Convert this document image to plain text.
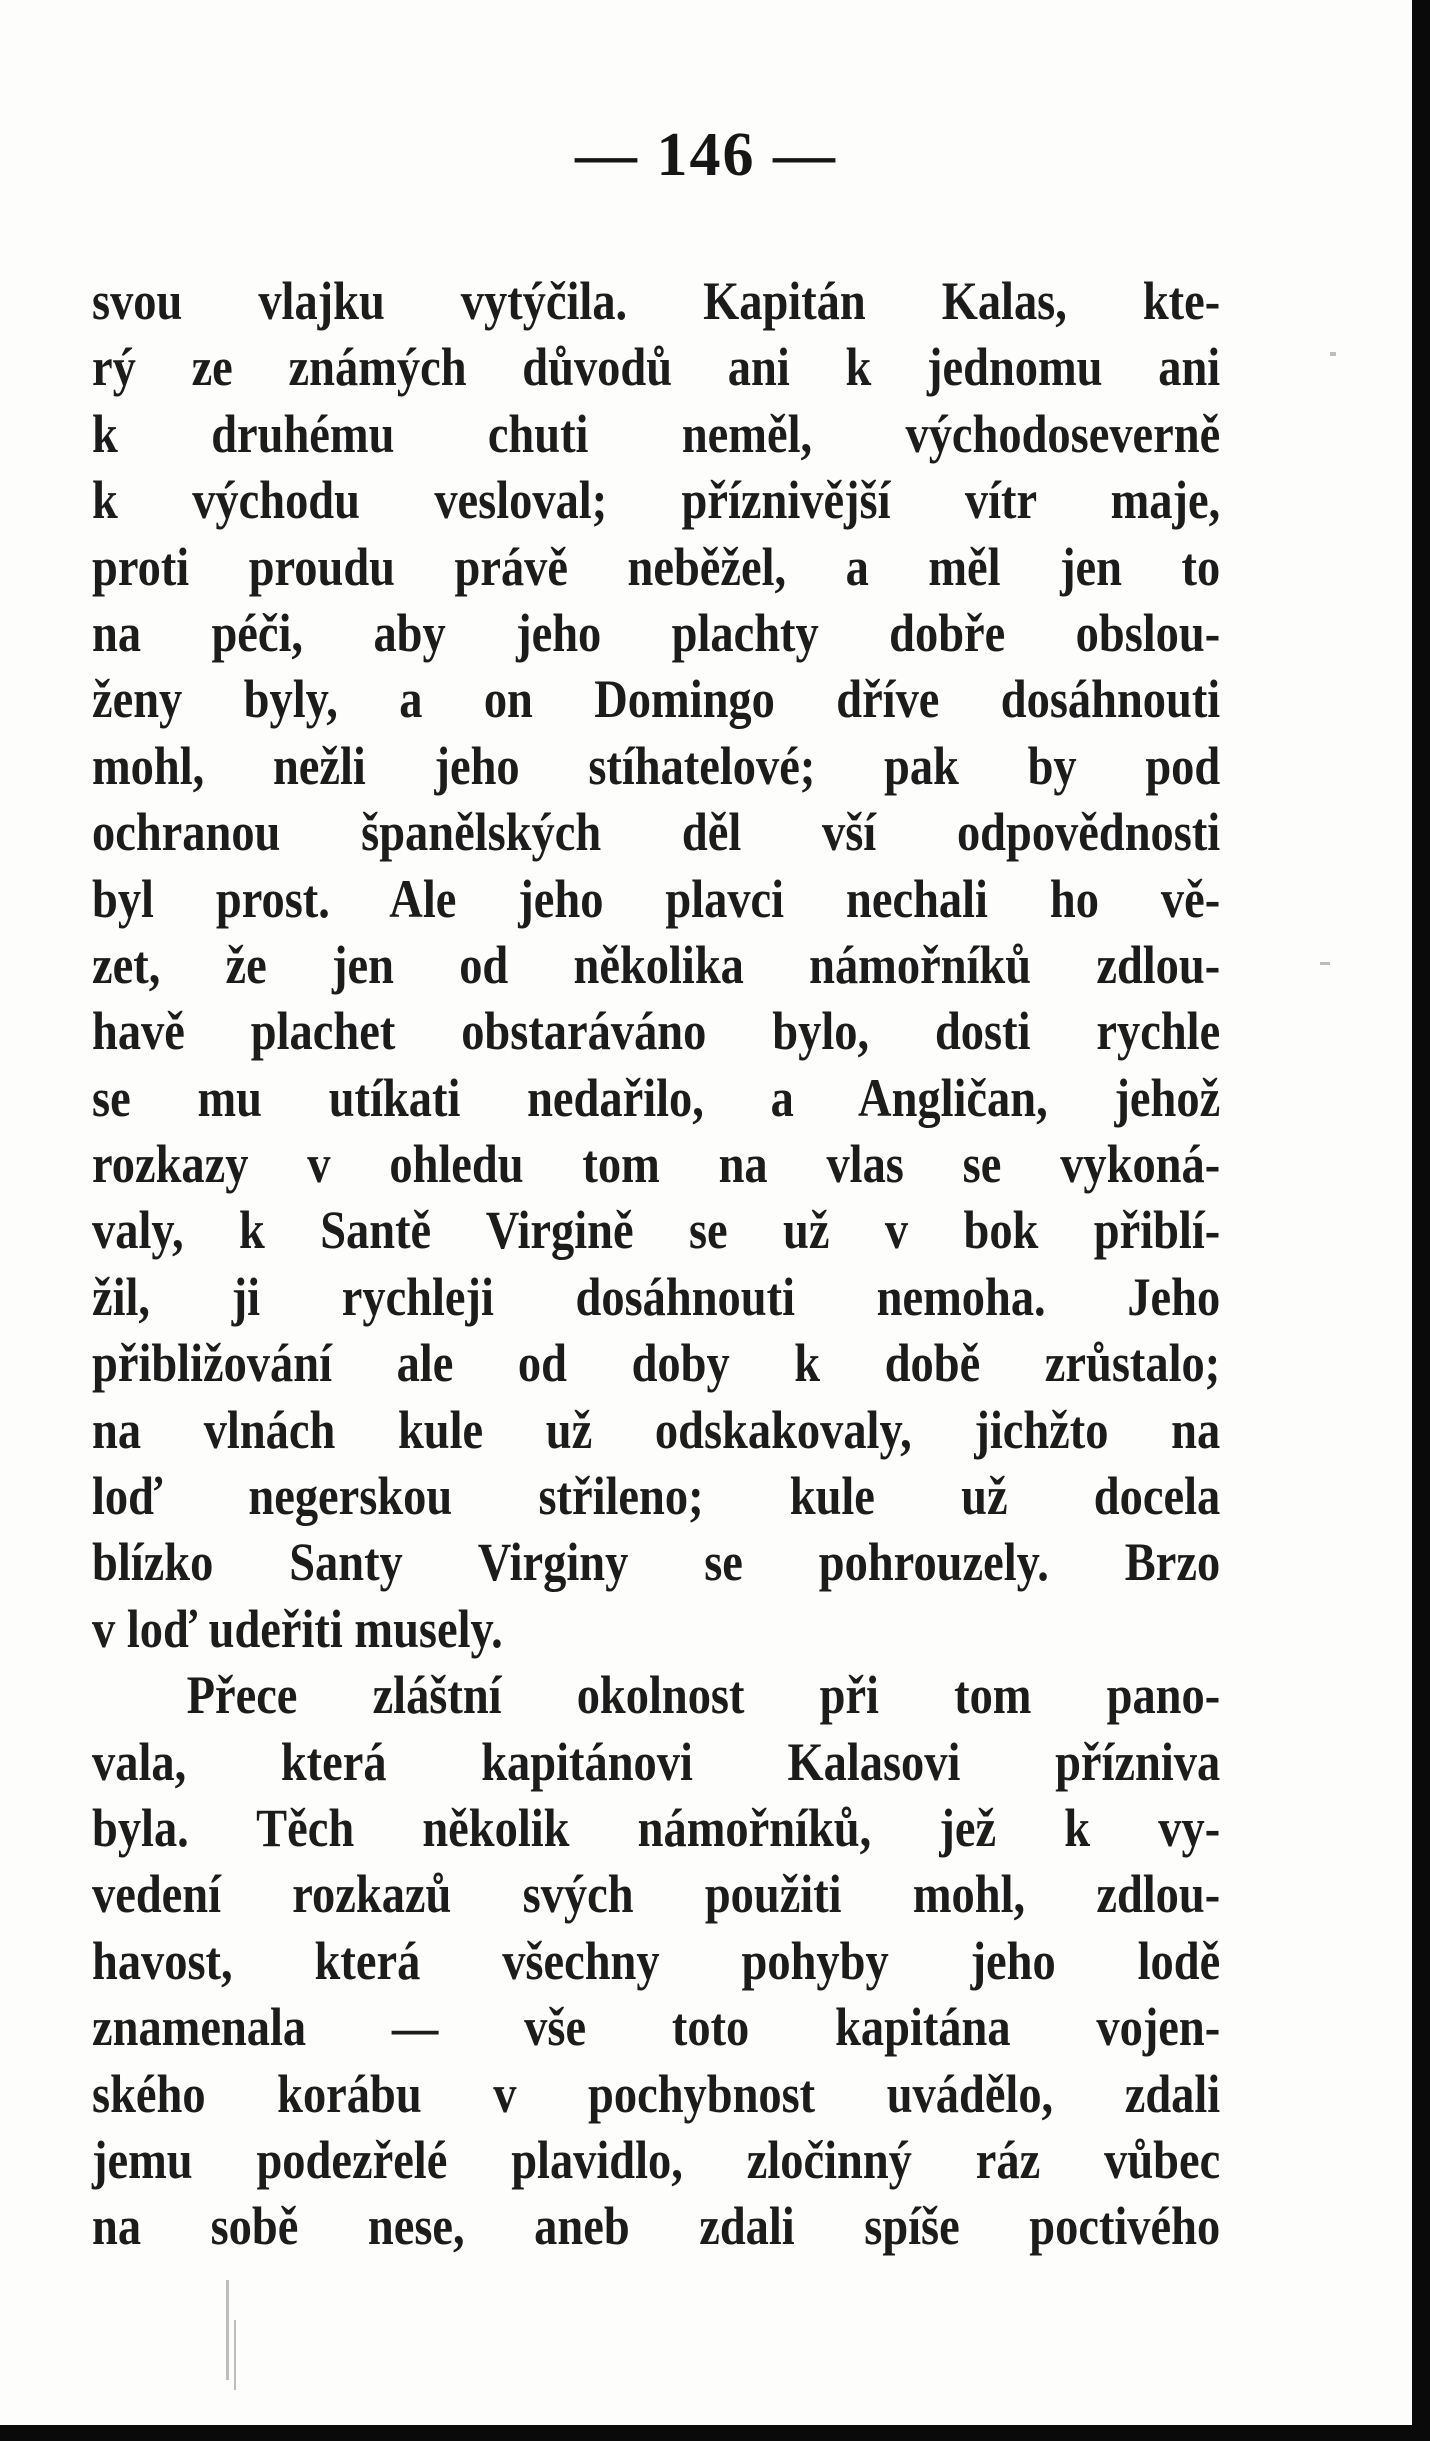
— 146 —
svou vlajku vytýčila. Kapitán Kalas, kte-
rý ze známých důvodů ani k jednomu ani
k druhému chuti neměl, východoseverně
k východu vesloval; příznivější vítr maje,
proti proudu právě neběžel, a měl jen to
na péči, aby jeho plachty dobře obslou-
ženy byly, a on Domingo dříve dosáhnouti
mohl, nežli jeho stíhatelové; pak by pod
ochranou španělských děl vší odpovědnosti
byl prost. Ale jeho plavci nechali ho vě-
zet, že jen od několika námořníků zdlou-
havě plachet obstaráváno bylo, dosti rychle
se mu utíkati nedařilo, a Angličan, jehož
rozkazy v ohledu tom na vlas se vykoná-
valy, k Santě Virgině se už v bok přiblí-
žil, ji rychleji dosáhnouti nemoha. Jeho
přibližování ale od doby k době zrůstalo;
na vlnách kule už odskakovaly, jichžto na
loď negerskou střileno; kule už docela
blízko Santy Virginy se pohrouzely. Brzo
v loď udeřiti musely.
Přece zláštní okolnost při tom pano-
vala, která kapitánovi Kalasovi přízniva
byla. Těch několik námořníků, jež k vy-
vedení rozkazů svých použiti mohl, zdlou-
havost, která všechny pohyby jeho lodě
znamenala — vše toto kapitána vojen-
ského korábu v pochybnost uvádělo, zdali
jemu podezřelé plavidlo, zločinný ráz vůbec
na sobě nese, aneb zdali spíše poctivého
